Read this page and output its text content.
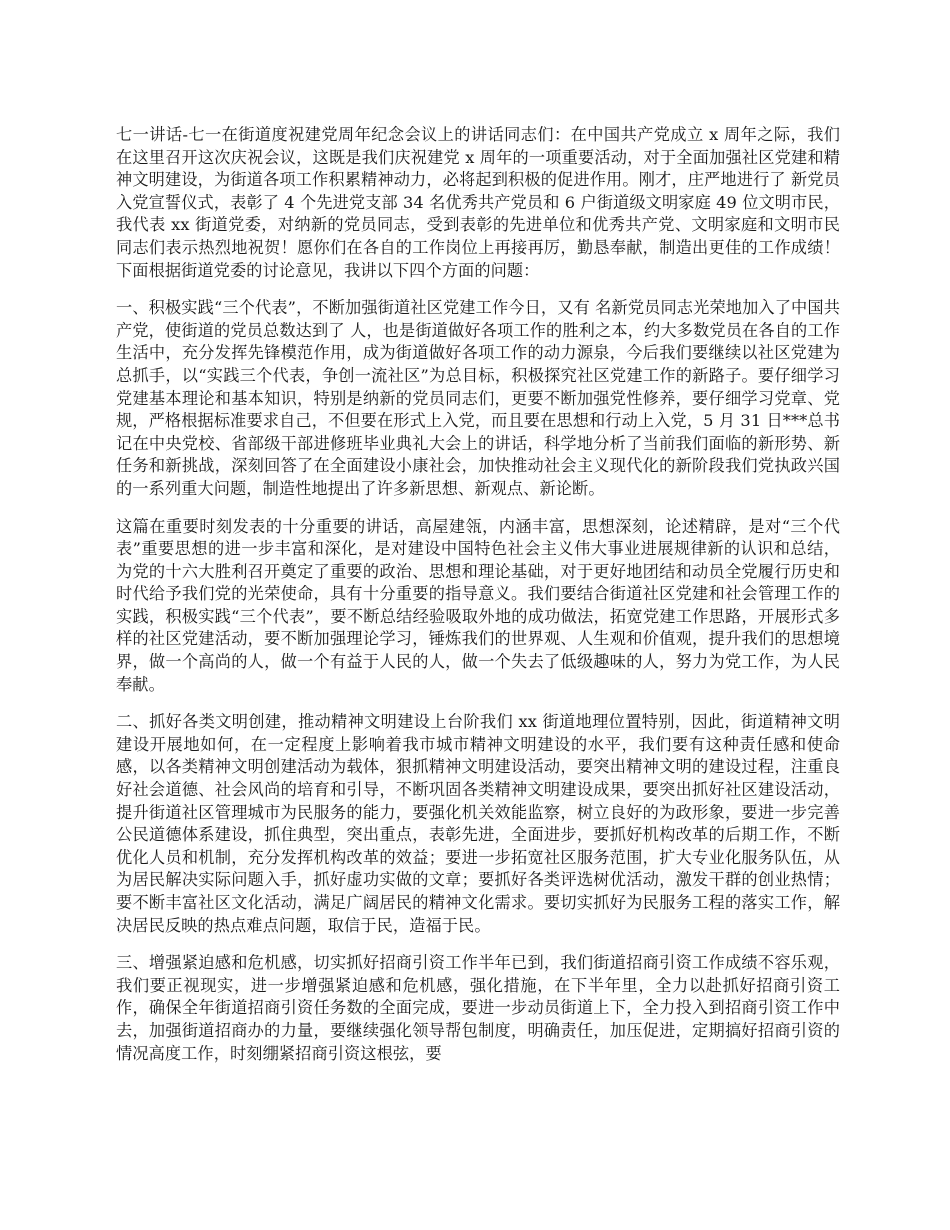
七一讲话-七一在街道度祝建党周年纪念会议上的讲话同志们：在中国共产党成立 x 周年之际，我们在这里召开这次庆祝会议，这既是我们庆祝建党 x 周年的一项重要活动，对于全面加强社区党建和精神文明建设，为街道各项工作积累精神动力，必将起到积极的促进作用。刚才，庄严地进行了 新党员入党宣誓仪式，表彰了 4 个先进党支部 34 名优秀共产党员和 6 户街道级文明家庭 49 位文明市民，我代表 xx 街道党委，对纳新的党员同志，受到表彰的先进单位和优秀共产党、文明家庭和文明市民同志们表示热烈地祝贺！愿你们在各自的工作岗位上再接再厉，勤恳奉献，制造出更佳的工作成绩！下面根据街道党委的讨论意见，我讲以下四个方面的问题：

一、积极实践“三个代表”，不断加强街道社区党建工作今日，又有 名新党员同志光荣地加入了中国共产党，使街道的党员总数达到了 人，也是街道做好各项工作的胜利之本，约大多数党员在各自的工作生活中，充分发挥先锋模范作用，成为街道做好各项工作的动力源泉，今后我们要继续以社区党建为总抓手，以“实践三个代表，争创一流社区”为总目标，积极探究社区党建工作的新路子。要仔细学习党建基本理论和基本知识，特别是纳新的党员同志们，更要不断加强党性修养，要仔细学习党章、党规，严格根据标准要求自己，不但要在形式上入党，而且要在思想和行动上入党，5 月 31 日***总书记在中央党校、省部级干部进修班毕业典礼大会上的讲话，科学地分析了当前我们面临的新形势、新任务和新挑战，深刻回答了在全面建设小康社会，加快推动社会主义现代化的新阶段我们党执政兴国的一系列重大问题，制造性地提出了许多新思想、新观点、新论断。

这篇在重要时刻发表的十分重要的讲话，高屋建瓴，内涵丰富，思想深刻，论述精辟，是对“三个代表”重要思想的进一步丰富和深化，是对建设中国特色社会主义伟大事业进展规律新的认识和总结，为党的十六大胜利召开奠定了重要的政治、思想和理论基础，对于更好地团结和动员全党履行历史和时代给予我们党的光荣使命，具有十分重要的指导意义。我们要结合街道社区党建和社会管理工作的实践，积极实践“三个代表”，要不断总结经验吸取外地的成功做法，拓宽党建工作思路，开展形式多样的社区党建活动，要不断加强理论学习，锤炼我们的世界观、人生观和价值观，提升我们的思想境界，做一个高尚的人，做一个有益于人民的人，做一个失去了低级趣味的人，努力为党工作，为人民奉献。

二、抓好各类文明创建，推动精神文明建设上台阶我们 xx 街道地理位置特别，因此，街道精神文明建设开展地如何，在一定程度上影响着我市城市精神文明建设的水平，我们要有这种责任感和使命感，以各类精神文明创建活动为载体，狠抓精神文明建设活动，要突出精神文明的建设过程，注重良好社会道德、社会风尚的培育和引导，不断巩固各类精神文明建设成果，要突出抓好社区建设活动，提升街道社区管理城市为民服务的能力，要强化机关效能监察，树立良好的为政形象，要进一步完善公民道德体系建设，抓住典型，突出重点，表彰先进，全面进步，要抓好机构改革的后期工作，不断优化人员和机制，充分发挥机构改革的效益；要进一步拓宽社区服务范围，扩大专业化服务队伍，从为居民解决实际问题入手，抓好虚功实做的文章；要抓好各类评选树优活动，激发干群的创业热情；要不断丰富社区文化活动，满足广阔居民的精神文化需求。要切实抓好为民服务工程的落实工作，解决居民反映的热点难点问题，取信于民，造福于民。

三、增强紧迫感和危机感，切实抓好招商引资工作半年已到，我们街道招商引资工作成绩不容乐观，我们要正视现实，进一步增强紧迫感和危机感，强化措施，在下半年里，全力以赴抓好招商引资工作，确保全年街道招商引资任务数的全面完成，要进一步动员街道上下，全力投入到招商引资工作中去，加强街道招商办的力量，要继续强化领导帮包制度，明确责任，加压促进，定期搞好招商引资的情况高度工作，时刻绷紧招商引资这根弦，要
